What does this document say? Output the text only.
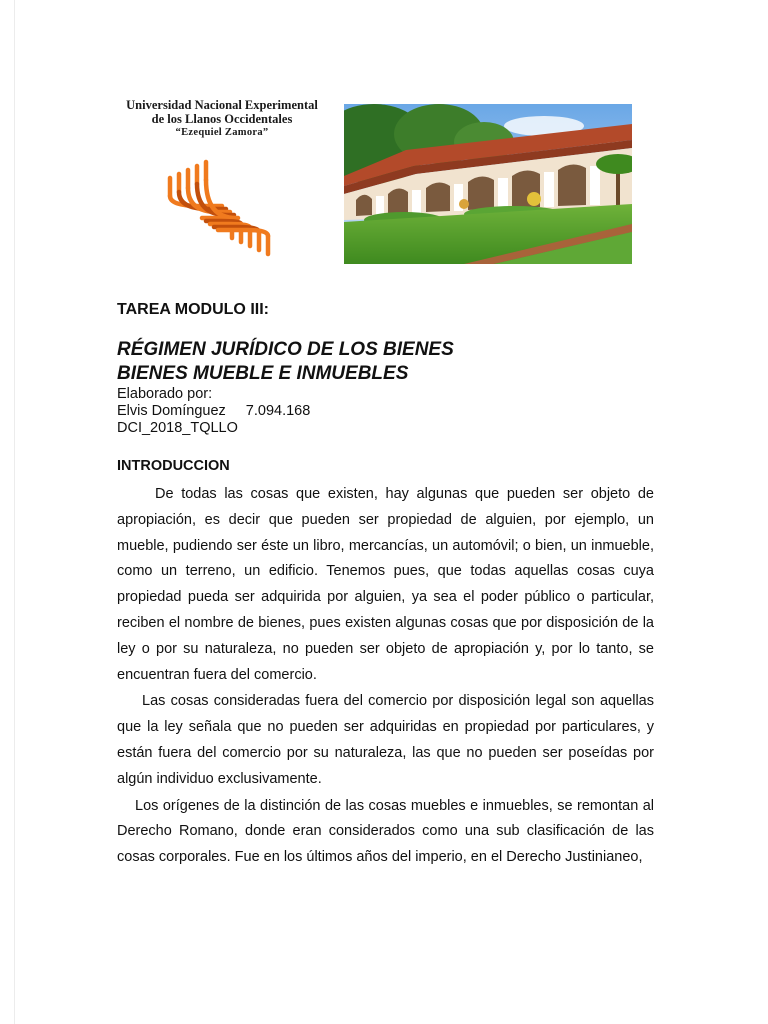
Universidad Nacional Experimental
de los Llanos Occidentales
“Ezequiel Zamora”
TAREA MODULO III:
RÉGIMEN JURÍDICO DE LOS BIENES
BIENES MUEBLE E INMUEBLES

Elaborado por:

Elvis Domínguez 7.094.168

DCI_2018_TQLLO

INTRODUCCION

De todas las cosas que existen, hay algunas que pueden ser objeto de apropiación, es decir que pueden ser propiedad de alguien, por ejemplo, un mueble, pudiendo ser éste un libro, mercancías, un automóvil; o bien, un inmueble, como un terreno, un edificio. Tenemos pues, que todas aquellas cosas cuya propiedad pueda ser adquirida por alguien, ya sea el poder público o particular, reciben el nombre de bienes, pues existen algunas cosas que por disposición de la ley o por su naturaleza, no pueden ser objeto de apropiación y, por lo tanto, se encuentran fuera del comercio.

Las cosas consideradas fuera del comercio por disposición legal son aquellas que la ley señala que no pueden ser adquiridas en propiedad por particulares, y están fuera del comercio por su naturaleza, las que no pueden ser poseídas por algún individuo exclusivamente.

Los orígenes de la distinción de las cosas muebles e inmuebles, se remontan al Derecho Romano, donde eran considerados como una sub clasificación de las cosas corporales. Fue en los últimos años del imperio, en el Derecho Justinianeo,
